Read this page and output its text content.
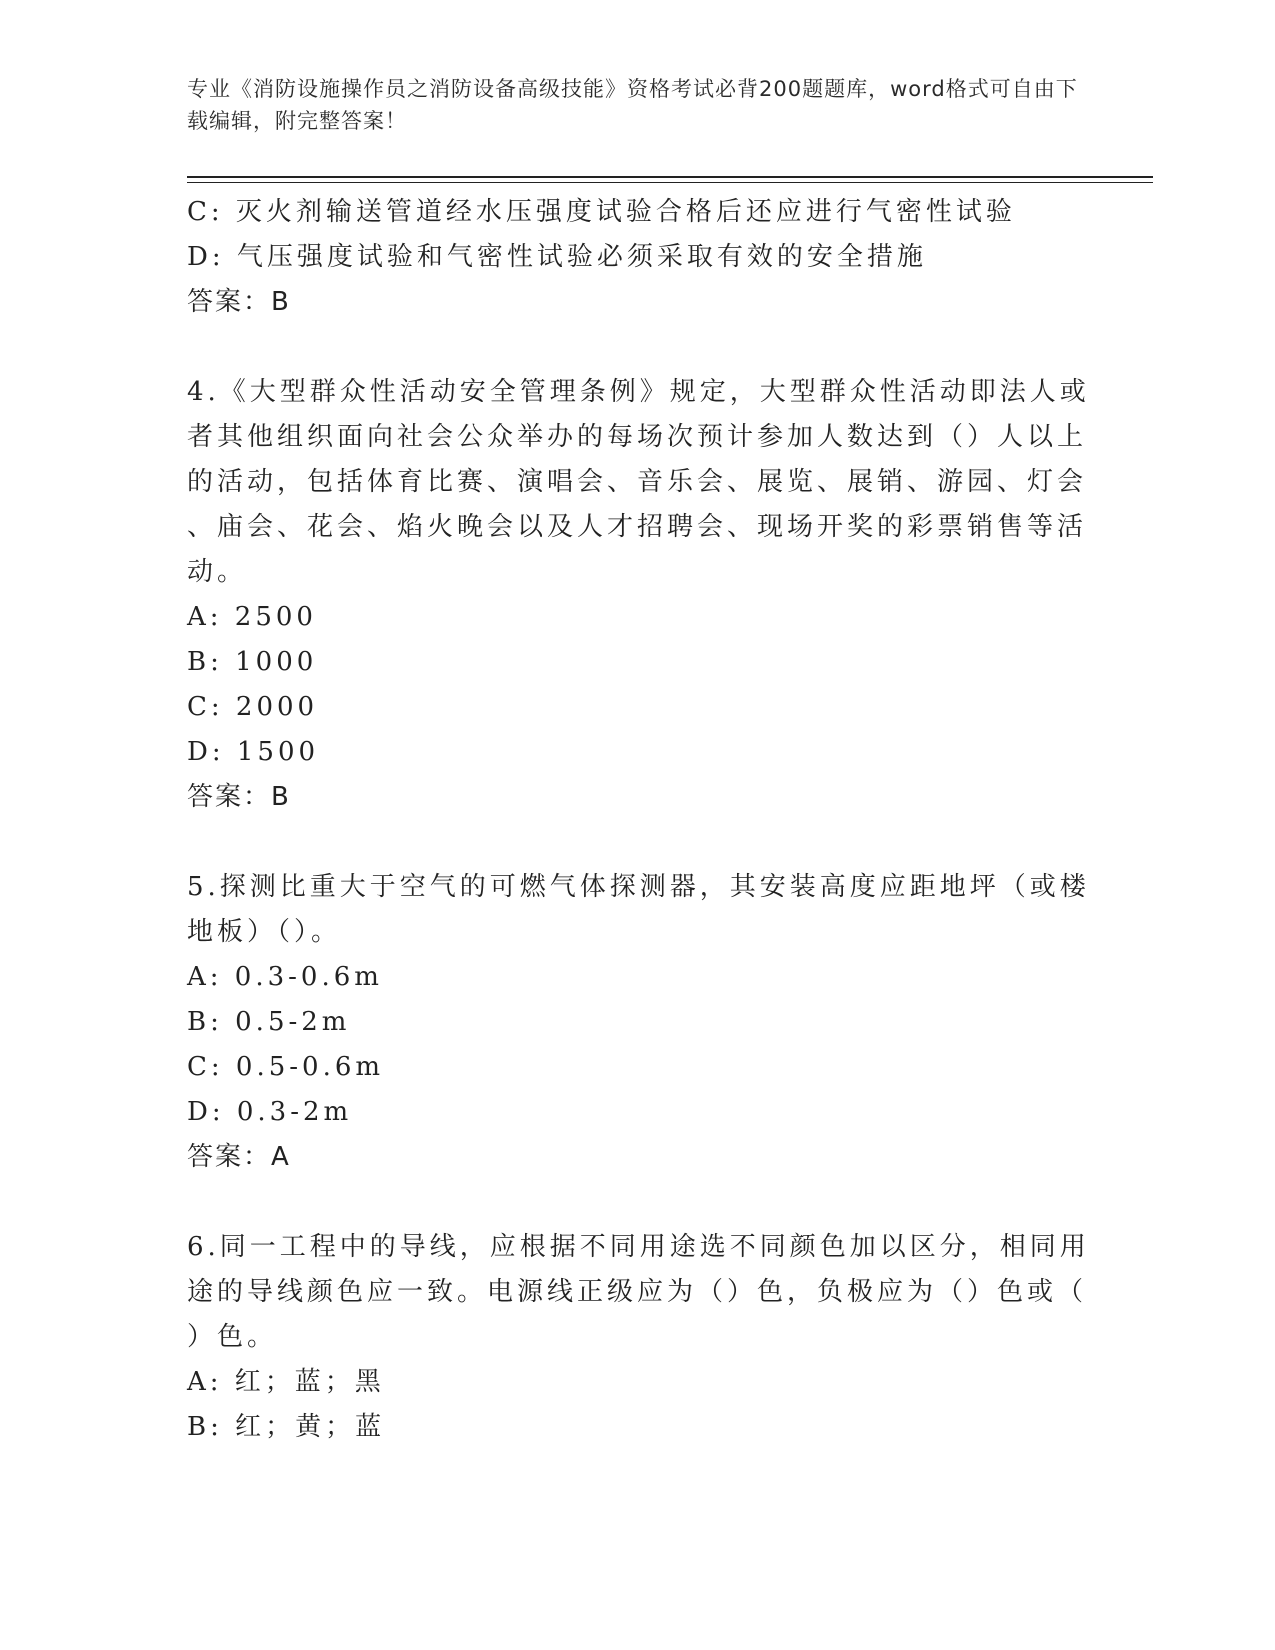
专业《消防设施操作员之消防设备高级技能》资格考试必背200题题库，word格式可自由下载编辑，附完整答案！
C: 灭火剂输送管道经水压强度试验合格后还应进行气密性试验
D: 气压强度试验和气密性试验必须采取有效的安全措施
答案：B
4.《大型群众性活动安全管理条例》规定，大型群众性活动即法人或
者其他组织面向社会公众举办的每场次预计参加人数达到（）人以上
的活动，包括体育比赛、演唱会、音乐会、展览、展销、游园、灯会
、庙会、花会、焰火晚会以及人才招聘会、现场开奖的彩票销售等活
动。
A: 2500
B: 1000
C: 2000
D: 1500
答案：B
5.探测比重大于空气的可燃气体探测器，其安装高度应距地坪（或楼
地板）（）。
A: 0.3-0.6m
B: 0.5-2m
C: 0.5-0.6m
D: 0.3-2m
答案：A
6.同一工程中的导线，应根据不同用途选不同颜色加以区分，相同用
途的导线颜色应一致。电源线正级应为（）色，负极应为（）色或（
）色。
A: 红；蓝；黑
B: 红；黄；蓝
